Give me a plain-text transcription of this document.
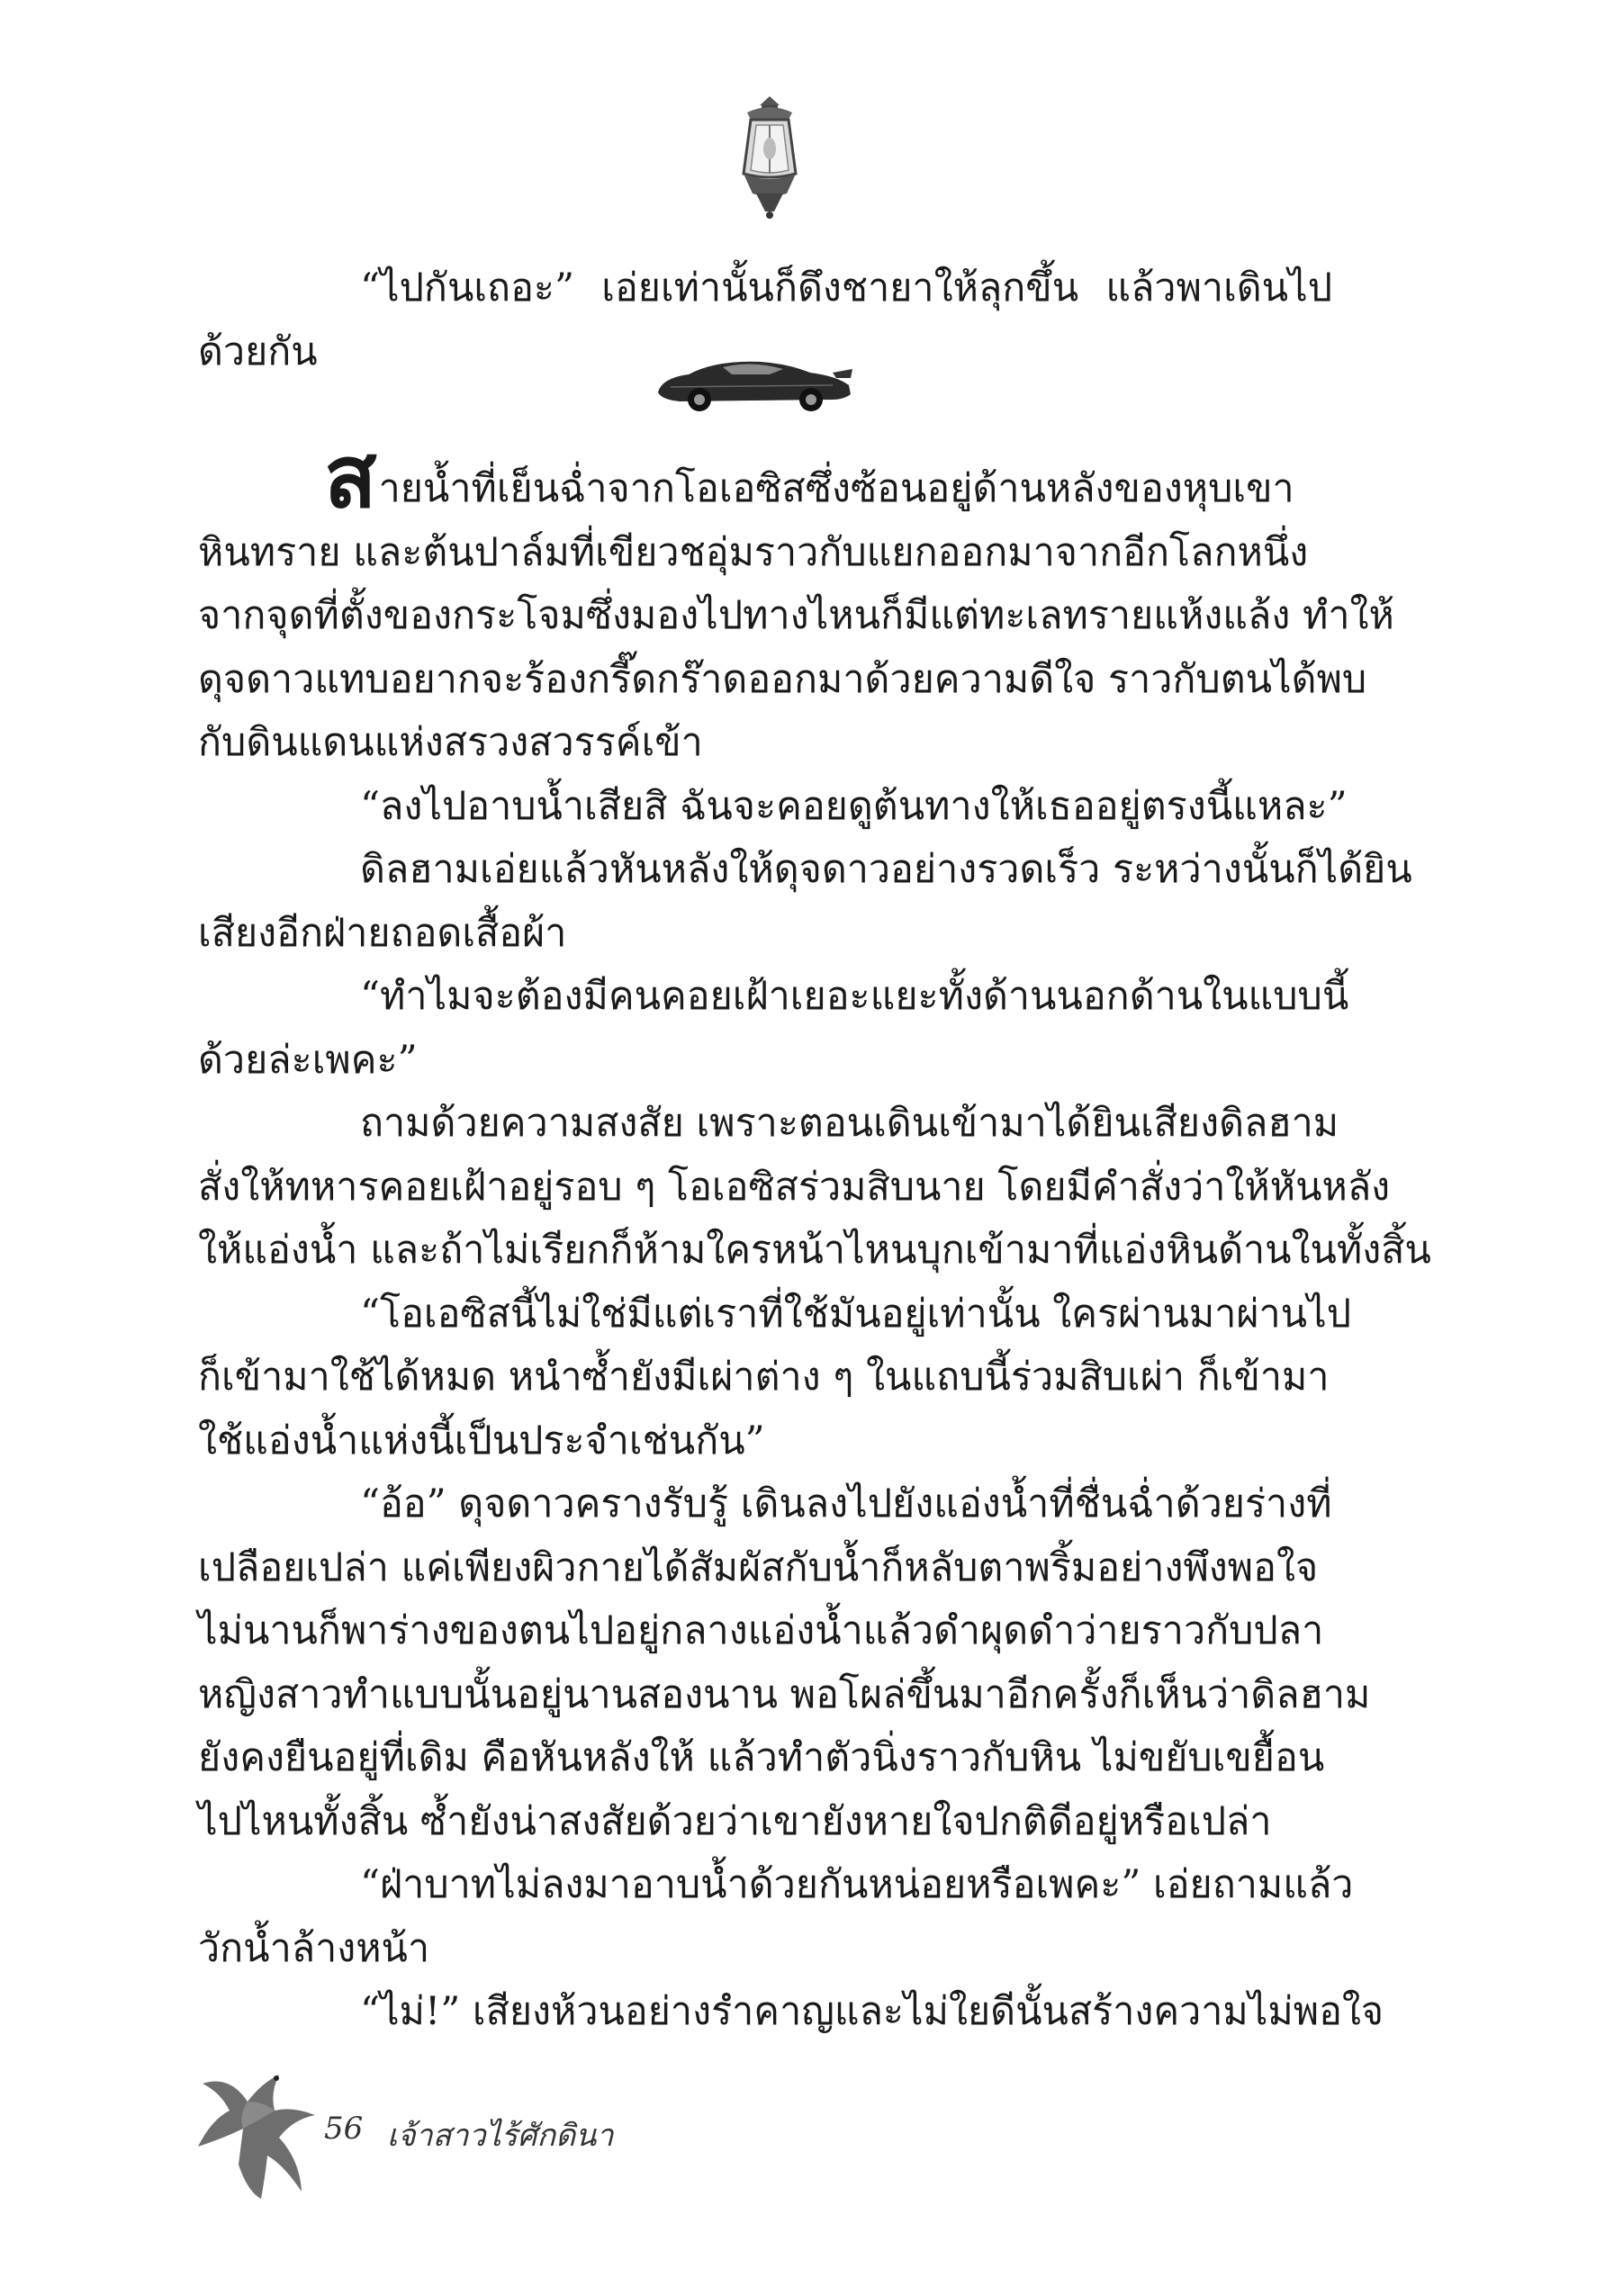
“ไปกันเถอะ” เอ่ยเท่านั้นก็ดึงชายาให้ลุกขึ้น แล้วพาเดินไปด้วยกัน

สายน้ำที่เย็นฉ่ำจากโอเอซิสซึ่งซ้อนอยู่ด้านหลังของหุบเขา
หินทราย และต้นปาล์มที่เขียวชอุ่มราวกับแยกออกมาจากอีกโลกหนึ่ง
จากจุดที่ตั้งของกระโจมซึ่งมองไปทางไหนก็มีแต่ทะเลทรายแห้งแล้ง ทำให้
ดุจดาวแทบอยากจะร้องกรี๊ดกร๊าดออกมาด้วยความดีใจ ราวกับตนได้พบ
กับดินแดนแห่งสรวงสวรรค์เข้า

“ลงไปอาบน้ำเสียสิ ฉันจะคอยดูต้นทางให้เธออยู่ตรงนี้แหละ”

ดิลฮามเอ่ยแล้วหันหลังให้ดุจดาวอย่างรวดเร็ว ระหว่างนั้นก็ได้ยิน
เสียงอีกฝ่ายถอดเสื้อผ้า

“ทำไมจะต้องมีคนคอยเฝ้าเยอะแยะทั้งด้านนอกด้านในแบบนี้
ด้วยล่ะเพคะ”

ถามด้วยความสงสัย เพราะตอนเดินเข้ามาได้ยินเสียงดิลฮาม
สั่งให้ทหารคอยเฝ้าอยู่รอบ ๆ โอเอซิสร่วมสิบนาย โดยมีคำสั่งว่าให้หันหลัง
ให้แอ่งน้ำ และถ้าไม่เรียกก็ห้ามใครหน้าไหนบุกเข้ามาที่แอ่งหินด้านในทั้งสิ้น

“โอเอซิสนี้ไม่ใช่มีแต่เราที่ใช้มันอยู่เท่านั้น ใครผ่านมาผ่านไป
ก็เข้ามาใช้ได้หมด หนำซ้ำยังมีเผ่าต่าง ๆ ในแถบนี้ร่วมสิบเผ่า ก็เข้ามา
ใช้แอ่งน้ำแห่งนี้เป็นประจำเช่นกัน”

“อ้อ” ดุจดาวครางรับรู้ เดินลงไปยังแอ่งน้ำที่ชื่นฉ่ำด้วยร่างที่
เปลือยเปล่า แค่เพียงผิวกายได้สัมผัสกับน้ำก็หลับตาพริ้มอย่างพึงพอใจ
ไม่นานก็พาร่างของตนไปอยู่กลางแอ่งน้ำแล้วดำผุดดำว่ายราวกับปลา
หญิงสาวทำแบบนั้นอยู่นานสองนาน พอโผล่ขึ้นมาอีกครั้งก็เห็นว่าดิลฮาม
ยังคงยืนอยู่ที่เดิม คือหันหลังให้ แล้วทำตัวนิ่งราวกับหิน ไม่ขยับเขยื้อน
ไปไหนทั้งสิ้น ซ้ำยังน่าสงสัยด้วยว่าเขายังหายใจปกติดีอยู่หรือเปล่า

“ฝ่าบาทไม่ลงมาอาบน้ำด้วยกันหน่อยหรือเพคะ” เอ่ยถามแล้ว
วักน้ำล้างหน้า

“ไม่!” เสียงห้วนอย่างรำคาญและไม่ใยดีนั้นสร้างความไม่พอใจ

56 เจ้าสาวไร้ศักดินา
